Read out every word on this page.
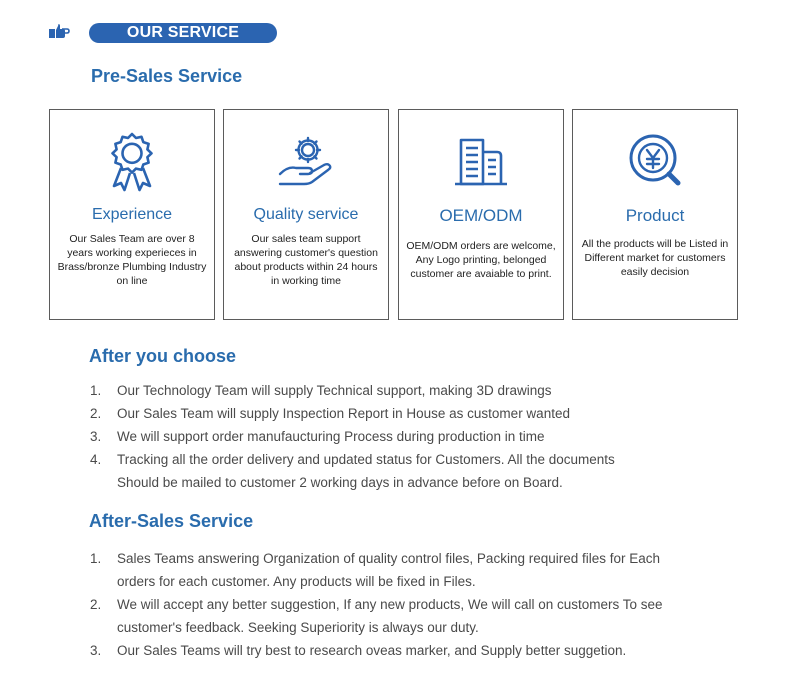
OUR SERVICE
Pre-Sales Service
Experience
Our Sales Team are over 8 years working experieces in Brass/bronze Plumbing Industry on line
Quality service
Our sales team support answering customer's question about products within 24 hours in working time
OEM/ODM
OEM/ODM orders are welcome, Any Logo printing, belonged customer are avaiable to print.
Product
All the products will be Listed in Different market for customers easily decision
After you choose
1. Our Technology Team will supply Technical support, making 3D drawings
2. Our Sales Team will supply Inspection Report in House as customer wanted
3. We will support order manufaucturing Process during production in time
4. Tracking all the order delivery and updated status for Customers. All the documents Should be mailed to customer 2 working days in advance before on Board.
After-Sales Service
1. Sales Teams answering Organization of quality control files, Packing required files for Each orders for each customer. Any products will be fixed in Files.
2. We will accept any better suggestion, If any new products, We will call on customers To see customer's feedback. Seeking Superiority is always our duty.
3. Our Sales Teams will try best to research oveas marker, and Supply better suggetion.
